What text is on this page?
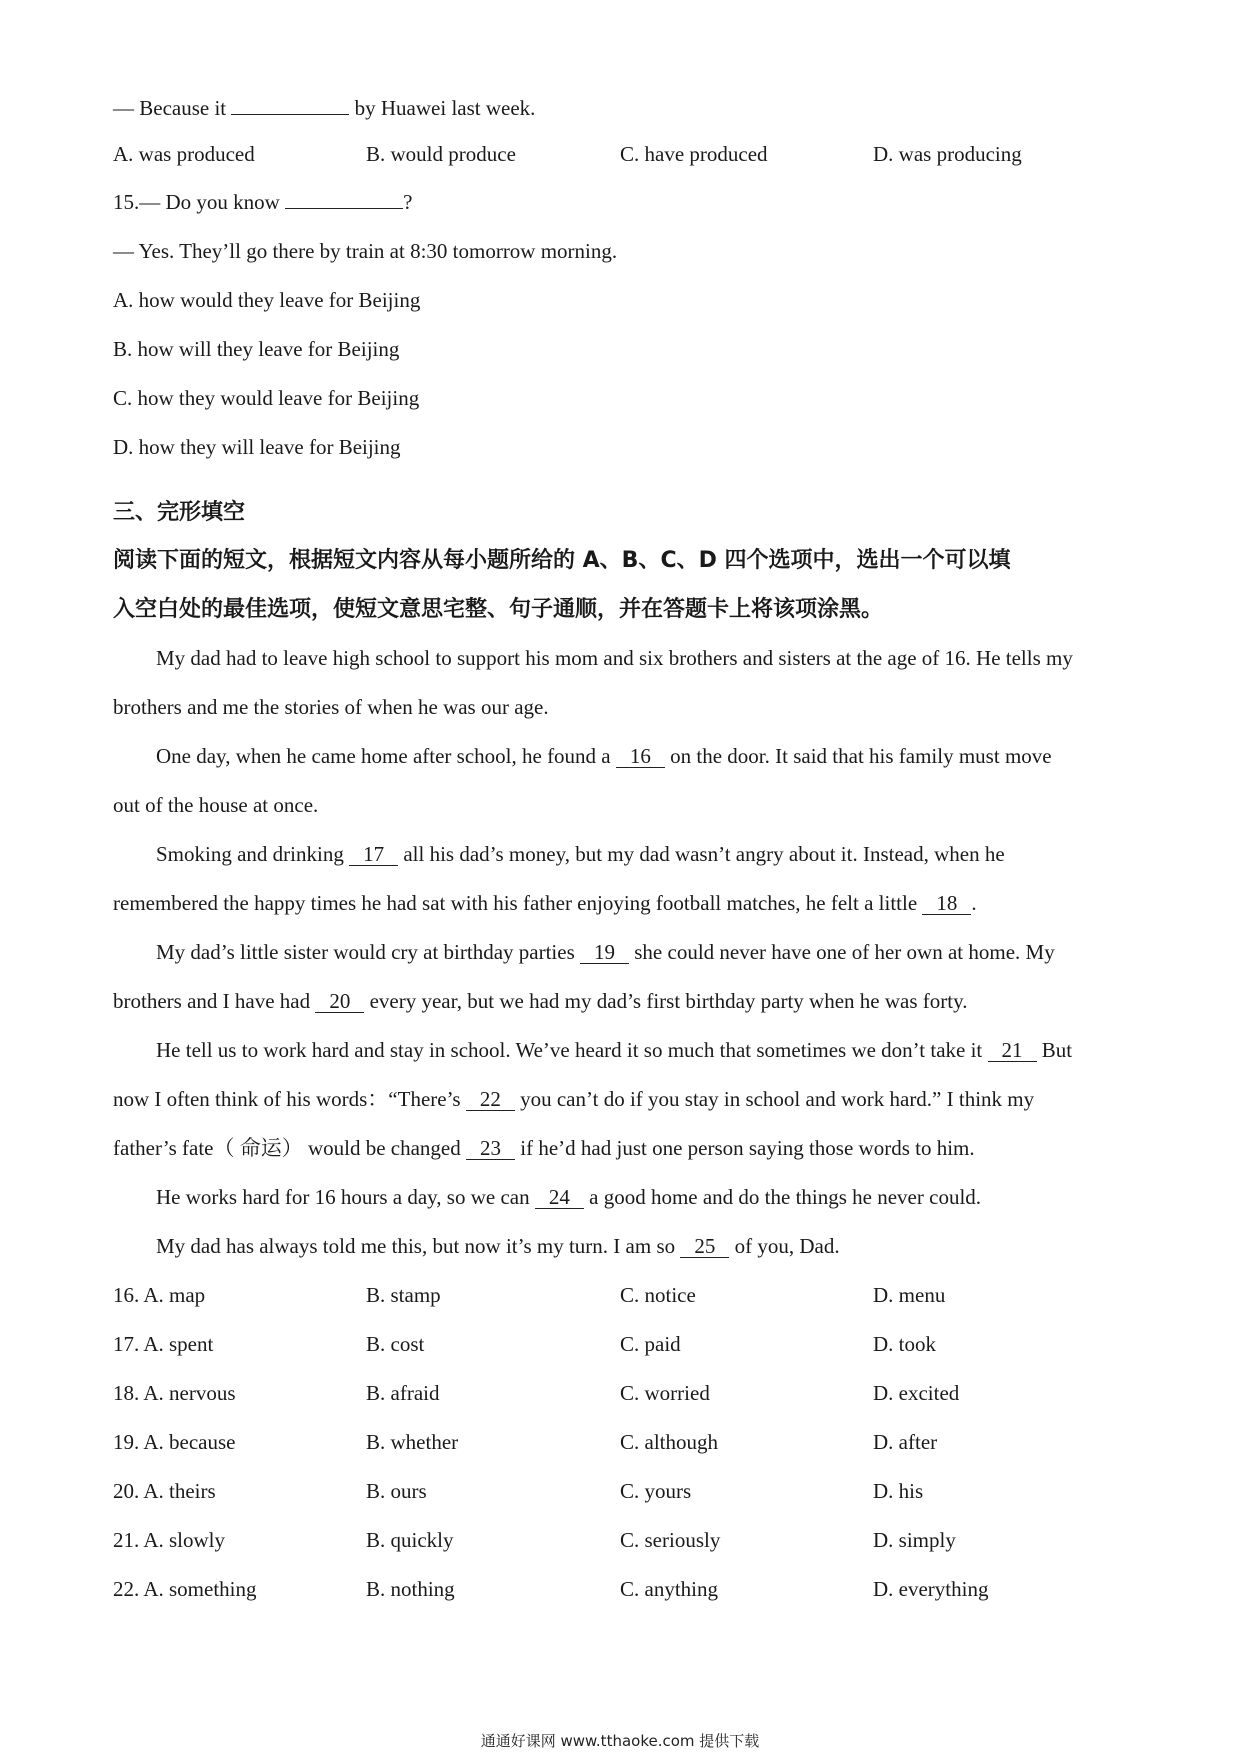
— Because it	by Huawei last week.
A. was produced	B. would produce	C. have produced	D. was producing
15.— Do you know	?
— Yes. They’ll go there by train at 8:30 tomorrow morning.
A. how would they leave for Beijing
B. how will they leave for Beijing
C. how they would leave for Beijing
D. how they will leave for Beijing
三、完形填空
阅读下面的短文，根据短文内容从每小题所给的 A、B、C、D 四个选项中，选出一个可以填
入空白处的最佳选项，使短文意思宅整、句子通顺，并在答题卡上将该项涂黑。
My dad had to leave high school to support his mom and six brothers and sisters at the age of 16. He tells my
brothers and me the stories of when he was our age.
One day, when he came home after school, he found a 16 on the door. It said that his family must move
out of the house at once.
Smoking and drinking 17 all his dad’s money, but my dad wasn’t angry about it. Instead, when he
remembered the happy times he had sat with his father enjoying football matches, he felt a little 18 .
My dad’s little sister would cry at birthday parties 19 she could never have one of her own at home. My
brothers and I have had 20 every year, but we had my dad’s first birthday party when he was forty.
He tell us to work hard and stay in school. We’ve heard it so much that sometimes we don’t take it 21 But
now I often think of his words：“There’s 22 you can’t do if you stay in school and work hard.” I think my
father’s fate（ 命运） would be changed 23 if he’d had just one person saying those words to him.
He works hard for 16 hours a day, so we can 24 a good home and do the things he never could.
My dad has always told me this, but now it’s my turn. I am so 25 of you, Dad.
16. A. map	B. stamp	C. notice	D. menu
17. A. spent	B. cost	C. paid	D. took
18. A. nervous	B. afraid	C. worried	D. excited
19. A. because	B. whether	C. although	D. after
20. A. theirs	B. ours	C. yours	D. his
21. A. slowly	B. quickly	C. seriously	D. simply
22. A. something	B. nothing	C. anything	D. everything
通通好课网 www.tthaoke.com 提供下载
